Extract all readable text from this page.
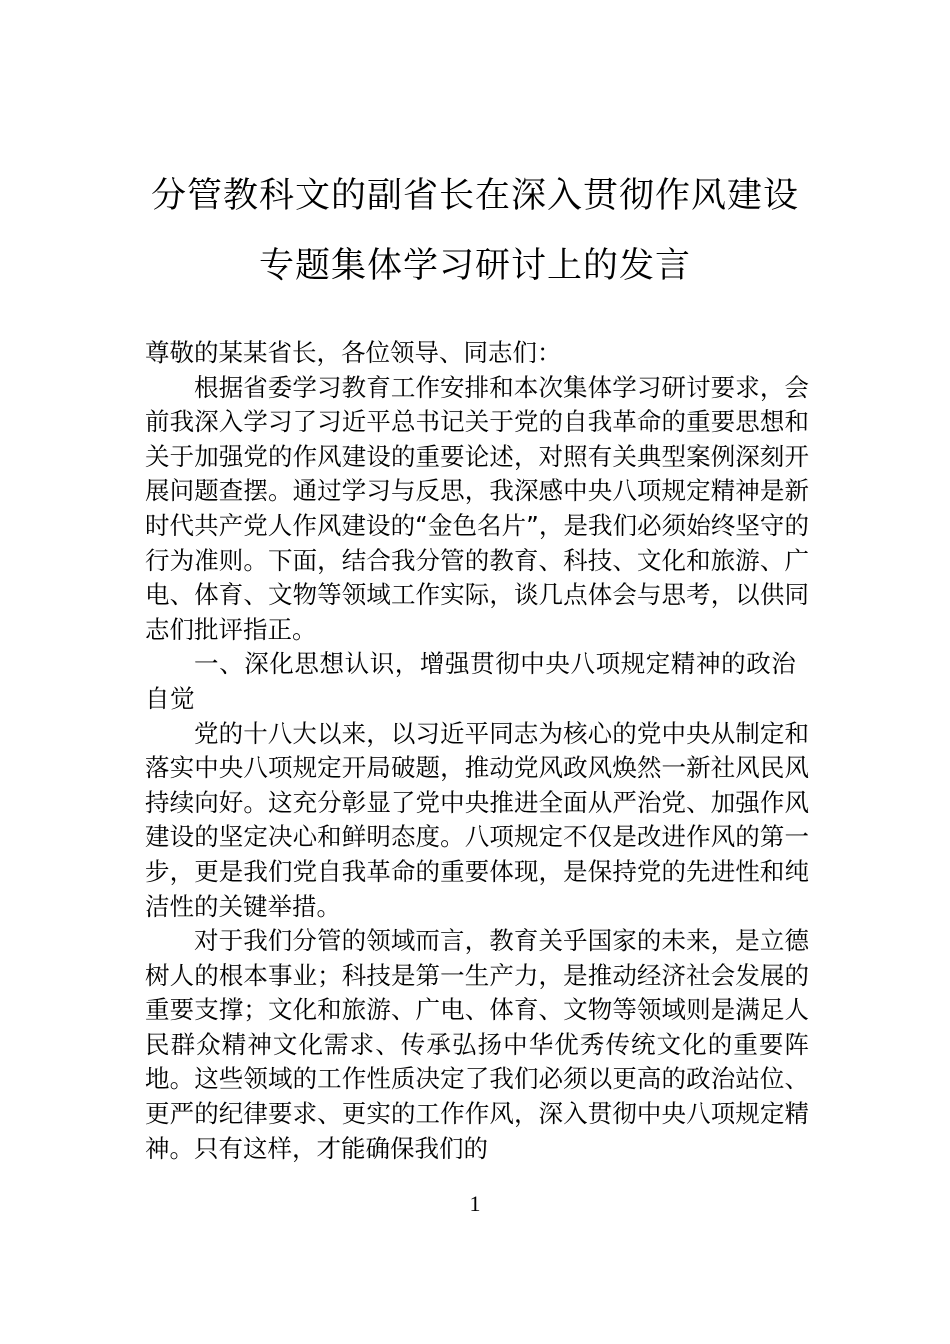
分管教科文的副省长在深入贯彻作风建设
专题集体学习研讨上的发言

尊敬的某某省长，各位领导、同志们：

根据省委学习教育工作安排和本次集体学习研讨要求，会前我深入学习了习近平总书记关于党的自我革命的重要思想和关于加强党的作风建设的重要论述，对照有关典型案例深刻开展问题查摆。通过学习与反思，我深感中央八项规定精神是新时代共产党人作风建设的“金色名片”，是我们必须始终坚守的行为准则。下面，结合我分管的教育、科技、文化和旅游、广电、体育、文物等领域工作实际，谈几点体会与思考，以供同志们批评指正。

一、深化思想认识，增强贯彻中央八项规定精神的政治自觉

党的十八大以来，以习近平同志为核心的党中央从制定和落实中央八项规定开局破题，推动党风政风焕然一新社风民风持续向好。这充分彰显了党中央推进全面从严治党、加强作风建设的坚定决心和鲜明态度。八项规定不仅是改进作风的第一步，更是我们党自我革命的重要体现，是保持党的先进性和纯洁性的关键举措。

对于我们分管的领域而言，教育关乎国家的未来，是立德树人的根本事业；科技是第一生产力，是推动经济社会发展的重要支撑；文化和旅游、广电、体育、文物等领域则是满足人民群众精神文化需求、传承弘扬中华优秀传统文化的重要阵地。这些领域的工作性质决定了我们必须以更高的政治站位、更严的纪律要求、更实的工作作风，深入贯彻中央八项规定精神。只有这样，才能确保我们的

1
